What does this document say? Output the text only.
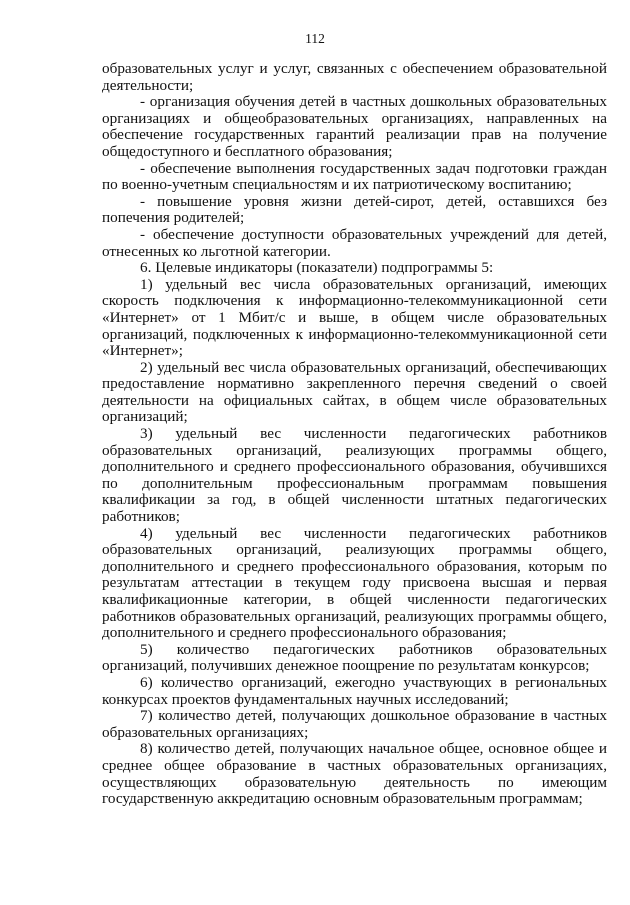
112

образовательных услуг и услуг, связанных с обеспечением образовательной деятельности;

- организация обучения детей в частных дошкольных образовательных организациях и общеобразовательных организациях, направленных на обеспечение государственных гарантий реализации прав на получение общедоступного и бесплатного образования;

- обеспечение выполнения государственных задач подготовки граждан по военно-учетным специальностям и их патриотическому воспитанию;

- повышение уровня жизни детей-сирот, детей, оставшихся без попечения родителей;

- обеспечение доступности образовательных учреждений для детей, отнесенных ко льготной категории.

6. Целевые индикаторы (показатели) подпрограммы 5:

1) удельный вес числа образовательных организаций, имеющих скорость подключения к информационно-телекоммуникационной сети «Интернет» от 1 Мбит/с и выше, в общем числе образовательных организаций, подключенных к информационно-телекоммуникационной сети «Интернет»;

2) удельный вес числа образовательных организаций, обеспечивающих предоставление нормативно закрепленного перечня сведений о своей деятельности на официальных сайтах, в общем числе образовательных организаций;

3) удельный вес численности педагогических работников образовательных организаций, реализующих программы общего, дополнительного и среднего профессионального образования, обучившихся по дополнительным профессиональным программам повышения квалификации за год, в общей численности штатных педагогических работников;

4) удельный вес численности педагогических работников образовательных организаций, реализующих программы общего, дополнительного и среднего профессионального образования, которым по результатам аттестации в текущем году присвоена высшая и первая квалификационные категории, в общей численности педагогических работников образовательных организаций, реализующих программы общего, дополнительного и среднего профессионального образования;

5) количество педагогических работников образовательных организаций, получивших денежное поощрение по результатам конкурсов;

6) количество организаций, ежегодно участвующих в региональных конкурсах проектов фундаментальных научных исследований;

7) количество детей, получающих дошкольное образование в частных образовательных организациях;

8) количество детей, получающих начальное общее, основное общее и среднее общее образование в частных образовательных организациях, осуществляющих образовательную деятельность по имеющим государственную аккредитацию основным образовательным программам;
